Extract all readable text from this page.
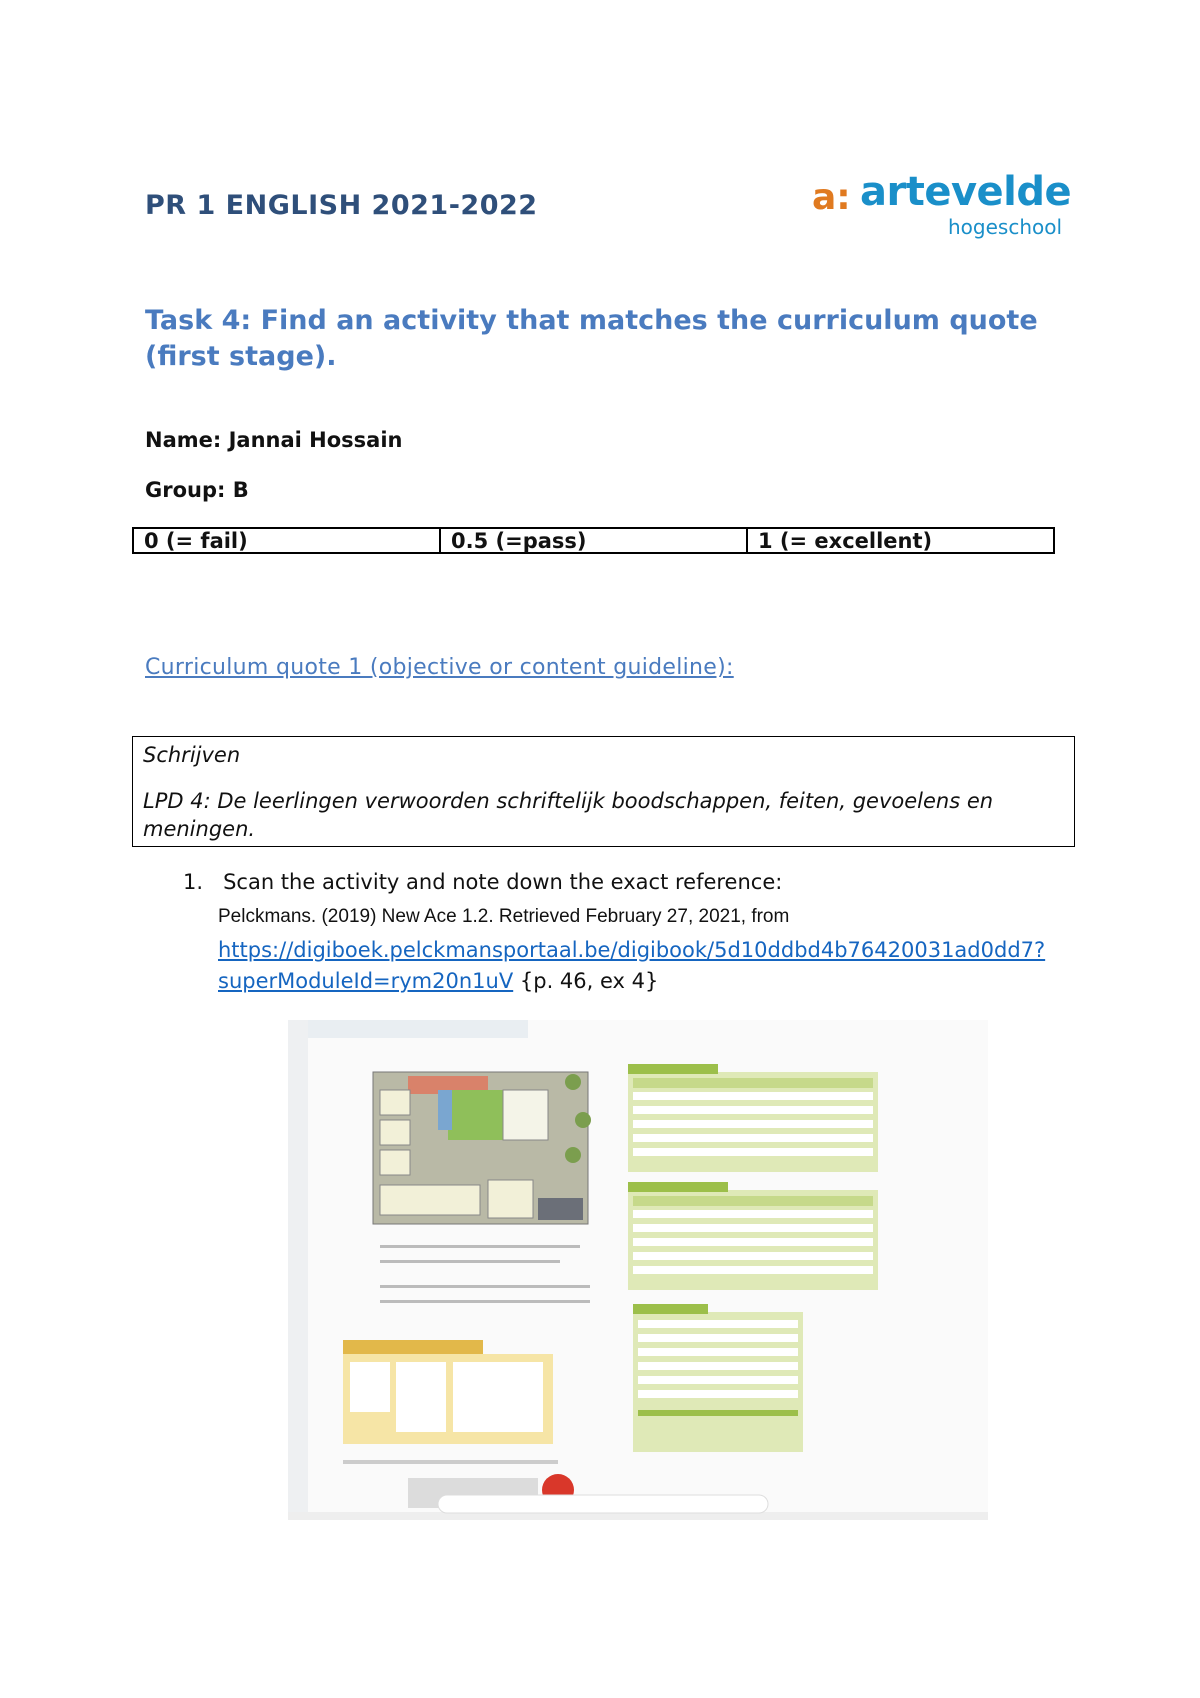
PR 1 ENGLISH 2021-2022	a: artevelde
hogeschool
Task 4: Find an activity that matches the curriculum quote (first stage).
Name: Jannai Hossain
Group: B
0 (= fail)	0.5 (=pass)	1 (= excellent)
Curriculum quote 1 (objective or content guideline):

Schrijven

LPD 4: De leerlingen verwoorden schriftelijk boodschappen, feiten, gevoelens en meningen.

1. Scan the activity and note down the exact reference:
Pelckmans. (2019) New Ace 1.2. Retrieved February 27, 2021, from
https://digiboek.pelckmansportaal.be/digibook/5d10ddbd4b76420031ad0dd7?superModuleId=rym20n1uV {p. 46, ex 4}
